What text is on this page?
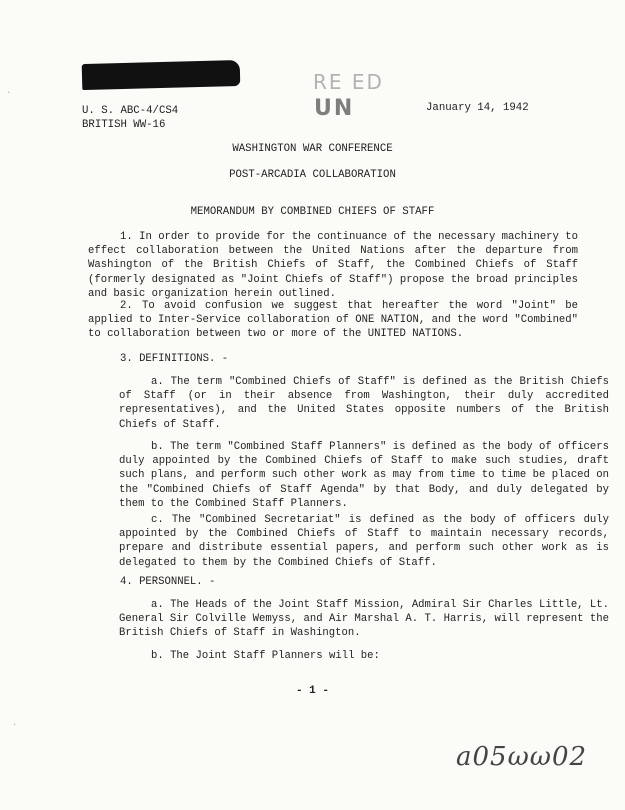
RE ED
UN
U. S. ABC-4/CS4
BRITISH WW-16
January 14, 1942
WASHINGTON WAR CONFERENCE
POST-ARCADIA COLLABORATION
MEMORANDUM BY COMBINED CHIEFS OF STAFF

1. In order to provide for the continuance of the necessary machinery to effect collaboration between the United Nations after the departure from Washington of the British Chiefs of Staff, the Combined Chiefs of Staff (formerly designated as "Joint Chiefs of Staff") propose the broad principles and basic organization herein outlined.

2. To avoid confusion we suggest that hereafter the word "Joint" be applied to Inter-Service collaboration of ONE NATION, and the word "Combined" to collaboration between two or more of the UNITED NATIONS.

3. DEFINITIONS. -

a. The term "Combined Chiefs of Staff" is defined as the British Chiefs of Staff (or in their absence from Washington, their duly accredited representatives), and the United States opposite numbers of the British Chiefs of Staff.

b. The term "Combined Staff Planners" is defined as the body of officers duly appointed by the Combined Chiefs of Staff to make such studies, draft such plans, and perform such other work as may from time to time be placed on the "Combined Chiefs of Staff Agenda" by that Body, and duly delegated by them to the Combined Staff Planners.

c. The "Combined Secretariat" is defined as the body of officers duly appointed by the Combined Chiefs of Staff to maintain necessary records, prepare and distribute essential papers, and perform such other work as is delegated to them by the Combined Chiefs of Staff.

4. PERSONNEL. -

a. The Heads of the Joint Staff Mission, Admiral Sir Charles Little, Lt. General Sir Colville Wemyss, and Air Marshal A. T. Harris, will represent the British Chiefs of Staff in Washington.

b. The Joint Staff Planners will be:

- 1 -
a05ωω02
·
·
